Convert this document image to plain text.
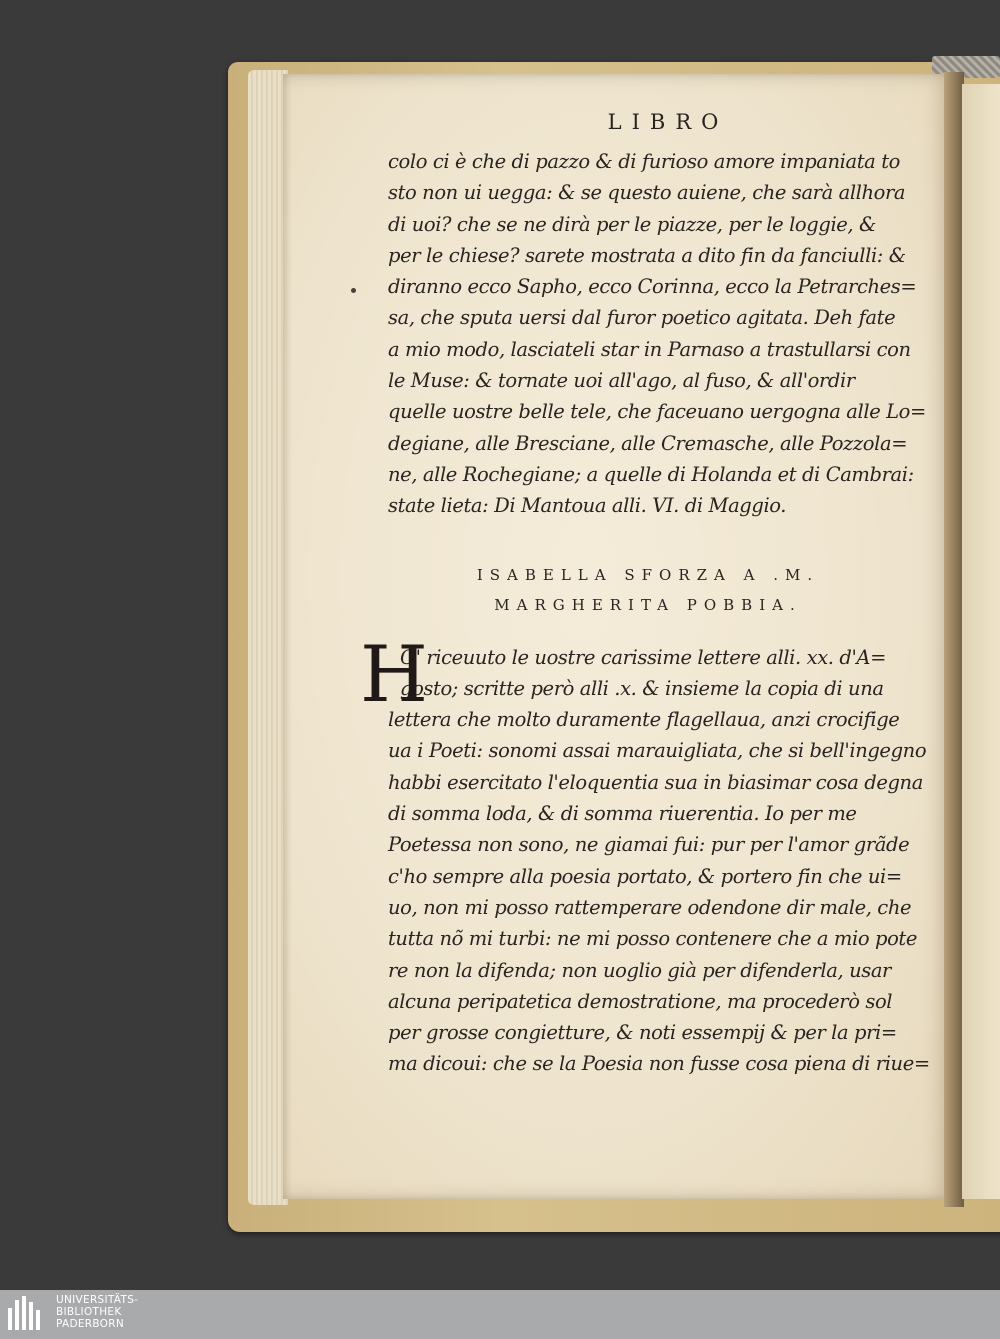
LIBRO
colo ci è che di pazzo & di furioso amore impaniata to
sto non ui uegga: & se questo auiene, che sarà allhora
di uoi? che se ne dirà per le piazze, per le loggie, &
per le chiese? sarete mostrata a dito fin da fanciulli: &
diranno ecco Sapho, ecco Corinna, ecco la Petrarches=
sa, che sputa uersi dal furor poetico agitata. Deh fate
a mio modo, lasciateli star in Parnaso a trastullarsi con
le Muse: & tornate uoi all'ago, al fuso, & all'ordir
quelle uostre belle tele, che faceuano uergogna alle Lo=
degiane, alle Bresciane, alle Cremasche, alle Pozzola=
ne, alle Rochegiane; a quelle di Holanda et di Cambrai:
state lieta: Di Mantoua alli. VI. di Maggio.
ISABELLA SFORZA A .M.
MARGHERITA POBBIA.
H
O' riceuuto le uostre carissime lettere alli. xx. d'A=
gosto; scritte però alli .x. & insieme la copia di una
lettera che molto duramente flagellaua, anzi crocifige
ua i Poeti: sonomi assai marauigliata, che si bell'ingegno
habbi esercitato l'eloquentia sua in biasimar cosa degna
di somma loda, & di somma riuerentia. Io per me
Poetessa non sono, ne giamai fui: pur per l'amor grãde
c'ho sempre alla poesia portato, & portero fin che ui=
uo, non mi posso rattemperare odendone dir male, che
tutta nõ mi turbi: ne mi posso contenere che a mio pote
re non la difenda; non uoglio già per difenderla, usar
alcuna peripatetica demostratione, ma procederò sol
per grosse congietture, & noti essempij & per la pri=
ma dicoui: che se la Poesia non fusse cosa piena di riue=
UNIVERSITÄTS-
BIBLIOTHEK
PADERBORN
